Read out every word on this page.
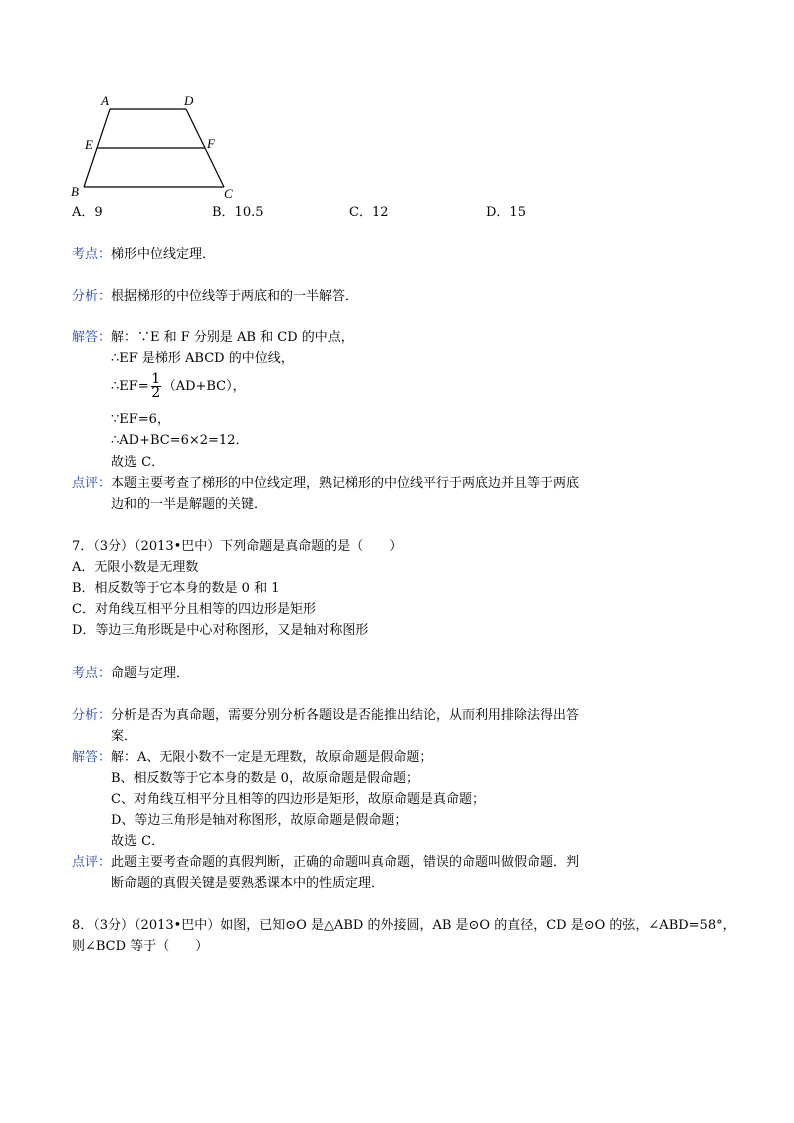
A	D
E	F
B	C
A．9	B．10.5	C．12	D．15
考点： 梯形中位线定理．
分析： 根据梯形的中位线等于两底和的一半解答．
解答： 解：∵E 和 F 分别是 AB 和 CD 的中点，
∴EF 是梯形 ABCD 的中位线，
∴EF= $\frac{1}{2} (AD+BC)$，
∵EF=6，
∴AD+BC=6×2=12．
故选 C．
点评： 本题主要考查了梯形的中位线定理，熟记梯形的中位线平行于两底边并且等于两底
边和的一半是解题的关键．
7．（3分）（2013•巴中）下列命题是真命题的是（　　）
A．无限小数是无理数
B．相反数等于它本身的数是 0 和 1
C．对角线互相平分且相等的四边形是矩形
D．等边三角形既是中心对称图形，又是轴对称图形
考点： 命题与定理．
分析： 分析是否为真命题，需要分别分析各题设是否能推出结论，从而利用排除法得出答
案．
解答： 解：A、无限小数不一定是无理数，故原命题是假命题；
B、相反数等于它本身的数是 0，故原命题是假命题；
C、对角线互相平分且相等的四边形是矩形，故原命题是真命题；
D、等边三角形是轴对称图形，故原命题是假命题；
故选 C．
点评： 此题主要考查命题的真假判断，正确的命题叫真命题，错误的命题叫做假命题．判
断命题的真假关键是要熟悉课本中的性质定理．
8．（3分）（2013•巴中）如图，已知⊙O 是△ABD 的外接圆，AB 是⊙O 的直径，CD 是⊙O 的弦，∠ABD=58°，
则∠BCD 等于（　　）
